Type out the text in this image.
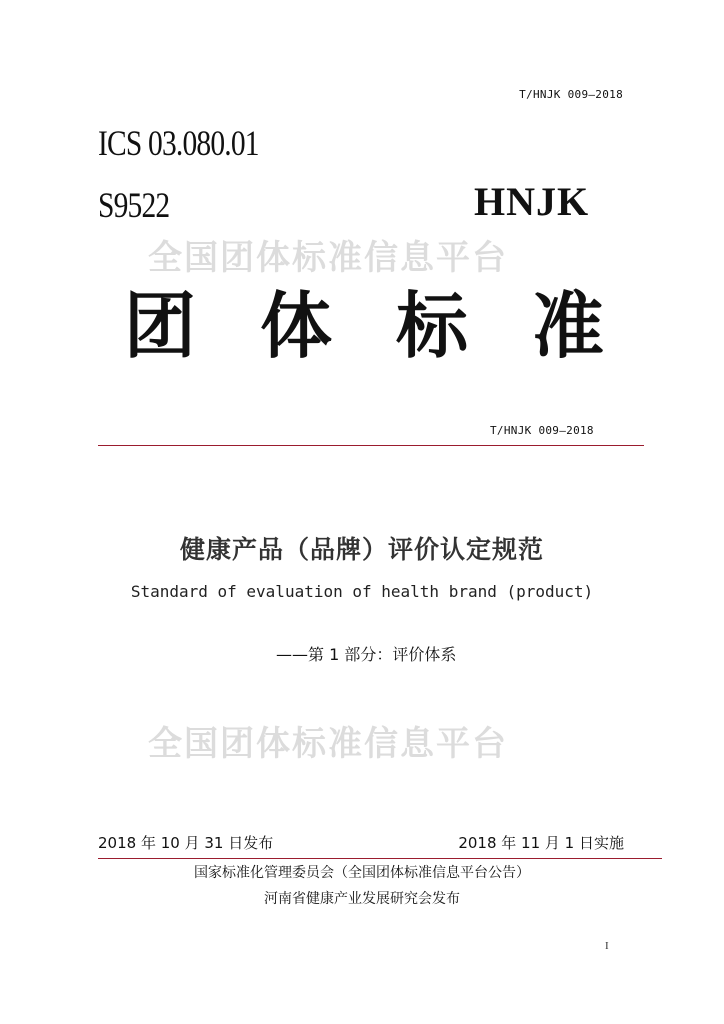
T/HNJK 009—2018
ICS 03.080.01
S9522	HNJK
全国团体标准信息平台
团 体 标 准
T/HNJK 009—2018
健康产品（品牌）评价认定规范
Standard of evaluation of health brand (product)
——第 1 部分：评价体系
全国团体标准信息平台
2018 年 10 月 31 日发布	2018 年 11 月 1 日实施
国家标准化管理委员会（全国团体标准信息平台公告）
河南省健康产业发展研究会发布
I
